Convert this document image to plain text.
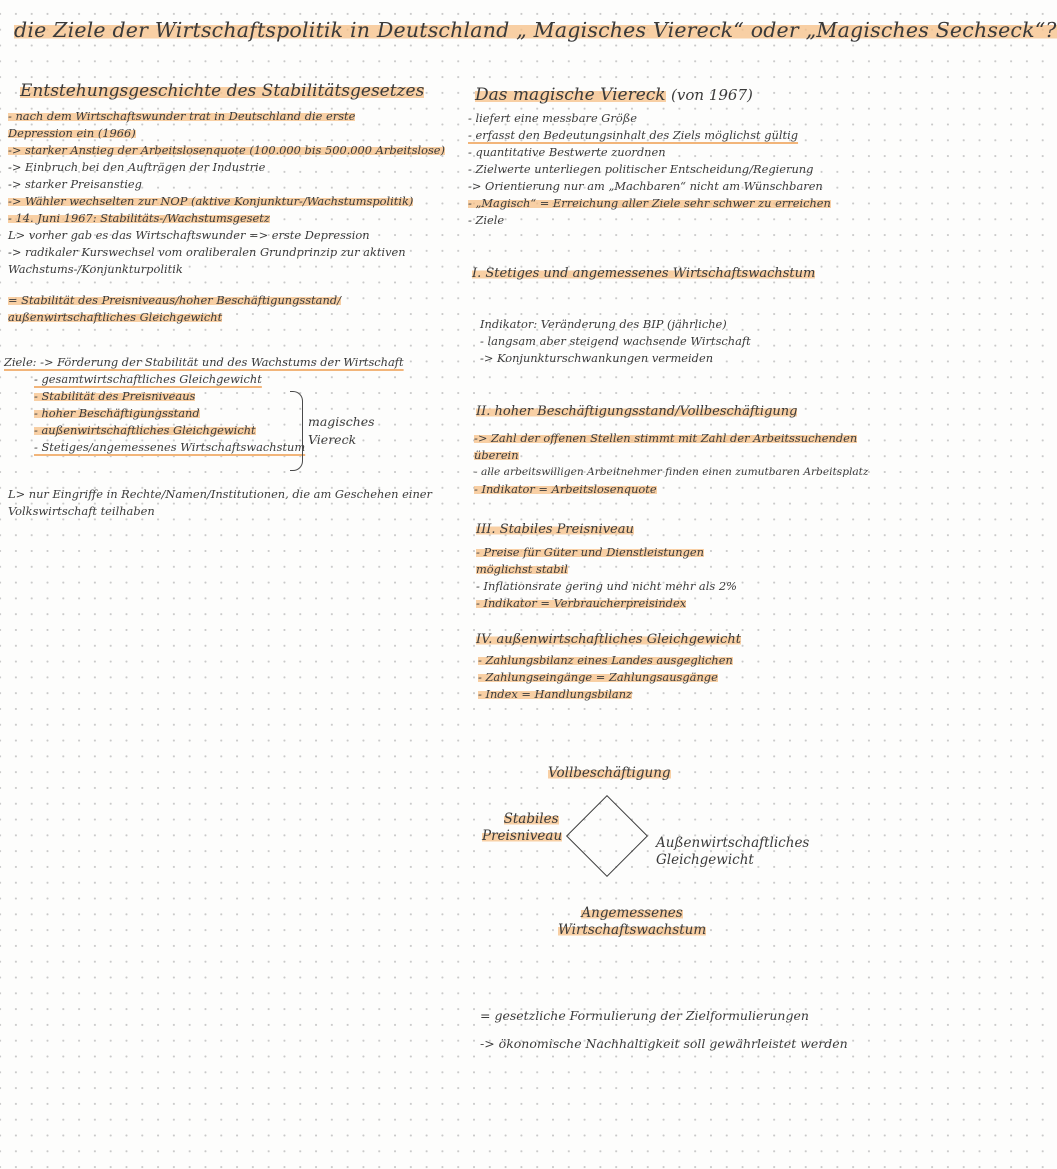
die Ziele der Wirtschaftspolitik in Deutschland „ Magisches Viereck“ oder „Magisches Sechseck“?
Entstehungsgeschichte des Stabilitätsgesetzes
- nach dem Wirtschaftswunder trat in Deutschland die erste
Depression ein (1966)
-> starker Anstieg der Arbeitslosenquote (100.000 bis 500.000 Arbeitslose)
-> Einbruch bei den Aufträgen der Industrie
-> starker Preisanstieg
-> Wähler wechselten zur NOP (aktive Konjunktur-/Wachstumspolitik)
- 14. Juni 1967: Stabilitäts-/Wachstumsgesetz
L> vorher gab es das Wirtschaftswunder => erste Depression
-> radikaler Kurswechsel vom oraliberalen Grundprinzip zur aktiven
Wachstums-/Konjunkturpolitik
= Stabilität des Preisniveaus/hoher Beschäftigungsstand/
außenwirtschaftliches Gleichgewicht
Ziele: -> Förderung der Stabilität und des Wachstums der Wirtschaft
- gesamtwirtschaftliches Gleichgewicht
- Stabilität des Preisniveaus
- hoher Beschäftigungsstand
- außenwirtschaftliches Gleichgewicht
- Stetiges/angemessenes Wirtschaftswachstum
magisches
Viereck
L> nur Eingriffe in Rechte/Namen/Institutionen, die am Geschehen einer
Volkswirtschaft teilhaben
Das magische Viereck (von 1967)
- liefert eine messbare Größe
- erfasst den Bedeutungsinhalt des Ziels möglichst gültig
- quantitative Bestwerte zuordnen
- Zielwerte unterliegen politischer Entscheidung/Regierung
-> Orientierung nur am „Machbaren“ nicht am Wünschbaren
- „Magisch“ = Erreichung aller Ziele sehr schwer zu erreichen
- Ziele
I. Stetiges und angemessenes Wirtschaftswachstum
Indikator: Veränderung des BIP (jährliche)
- langsam aber steigend wachsende Wirtschaft
-> Konjunkturschwankungen vermeiden
II. hoher Beschäftigungsstand/Vollbeschäftigung
-> Zahl der offenen Stellen stimmt mit Zahl der Arbeitssuchenden
überein
- alle arbeitswilligen Arbeitnehmer finden einen zumutbaren Arbeitsplatz
- Indikator = Arbeitslosenquote
III. Stabiles Preisniveau
- Preise für Güter und Dienstleistungen
möglichst stabil
- Inflationsrate gering und nicht mehr als 2%
- Indikator = Verbraucherpreisindex
IV. außenwirtschaftliches Gleichgewicht
- Zahlungsbilanz eines Landes ausgeglichen
- Zahlungseingänge = Zahlungsausgänge
- Index = Handlungsbilanz
Vollbeschäftigung
Stabiles
Preisniveau	Außenwirtschaftliches
Gleichgewicht
Angemessenes
Wirtschaftswachstum
= gesetzliche Formulierung der Zielformulierungen
-> ökonomische Nachhaltigkeit soll gewährleistet werden
